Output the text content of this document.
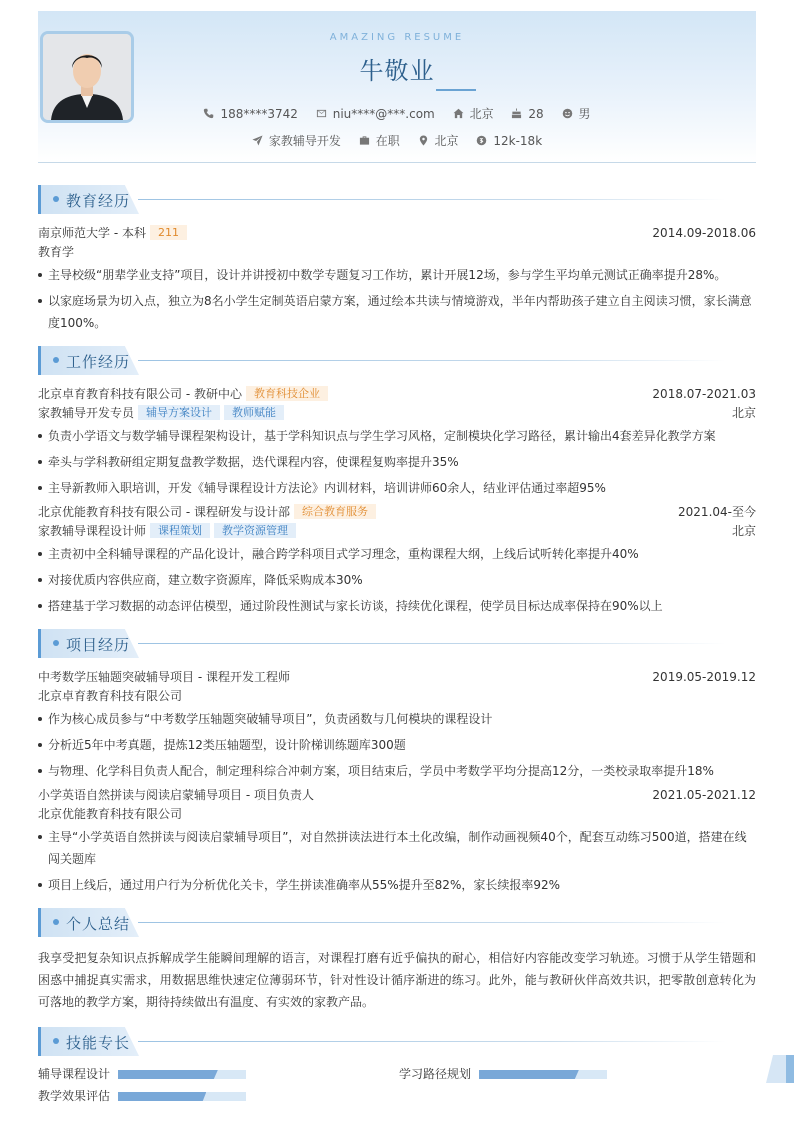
AMAZING RESUME
牛敬业
188****3742	niu****@***.com	北京	28	男
家教辅导开发	在职	北京	12k-18k
教育经历
南京师范大学 - 本科 211	2014.09-2018.06
教育学
主导校级“朋辈学业支持”项目，设计并讲授初中数学专题复习工作坊，累计开展12场，参与学生平均单元测试正确率提升28%。
以家庭场景为切入点，独立为8名小学生定制英语启蒙方案，通过绘本共读与情境游戏，半年内帮助孩子建立自主阅读习惯，家长满意度100%。
工作经历
北京卓育教育科技有限公司 - 教研中心 教育科技企业	2018.07-2021.03
家教辅导开发专员 辅导方案设计 教师赋能	北京
负责小学语文与数学辅导课程架构设计，基于学科知识点与学生学习风格，定制模块化学习路径，累计输出4套差异化教学方案
牵头与学科教研组定期复盘教学数据，迭代课程内容，使课程复购率提升35%
主导新教师入职培训，开发《辅导课程设计方法论》内训材料，培训讲师60余人，结业评估通过率超95%
北京优能教育科技有限公司 - 课程研发与设计部 综合教育服务	2021.04-至今
家教辅导课程设计师 课程策划 教学资源管理	北京
主责初中全科辅导课程的产品化设计，融合跨学科项目式学习理念，重构课程大纲，上线后试听转化率提升40%
对接优质内容供应商，建立数字资源库，降低采购成本30%
搭建基于学习数据的动态评估模型，通过阶段性测试与家长访谈，持续优化课程，使学员目标达成率保持在90%以上
项目经历
中考数学压轴题突破辅导项目 - 课程开发工程师	2019.05-2019.12
北京卓育教育科技有限公司
作为核心成员参与“中考数学压轴题突破辅导项目”，负责函数与几何模块的课程设计
分析近5年中考真题，提炼12类压轴题型，设计阶梯训练题库300题
与物理、化学科目负责人配合，制定理科综合冲刺方案，项目结束后，学员中考数学平均分提高12分，一类校录取率提升18%
小学英语自然拼读与阅读启蒙辅导项目 - 项目负责人	2021.05-2021.12
北京优能教育科技有限公司
主导“小学英语自然拼读与阅读启蒙辅导项目”，对自然拼读法进行本土化改编，制作动画视频40个，配套互动练习500道，搭建在线闯关题库
项目上线后，通过用户行为分析优化关卡，学生拼读准确率从55%提升至82%，家长续报率92%
个人总结
我享受把复杂知识点拆解成学生能瞬间理解的语言，对课程打磨有近乎偏执的耐心，相信好内容能改变学习轨迹。习惯于从学生错题和困惑中捕捉真实需求，用数据思维快速定位薄弱环节，针对性设计循序渐进的练习。此外，能与教研伙伴高效共识，把零散创意转化为可落地的教学方案，期待持续做出有温度、有实效的家教产品。
技能专长
辅导课程设计	学习路径规划
教学效果评估
